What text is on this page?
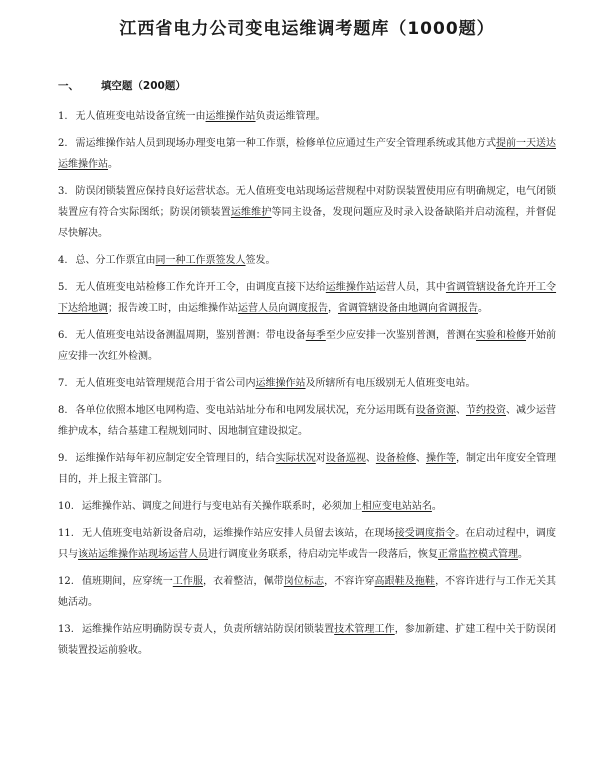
江西省电力公司变电运维调考题库（1000题）
一、 填空题（200题）

1. 无人值班变电站设备宜统一由运维操作站负责运维管理。

2. 需运维操作站人员到现场办理变电第一种工作票，检修单位应通过生产安全管理系统或其他方式提前一天送达运维操作站。

3. 防误闭锁装置应保持良好运营状态。无人值班变电站现场运营规程中对防误装置使用应有明确规定，电气闭锁装置应有符合实际图纸；防误闭锁装置运维维护等同主设备，发现问题应及时录入设备缺陷并启动流程，并督促尽快解决。

4. 总、分工作票宜由同一种工作票签发人签发。

5. 无人值班变电站检修工作允许开工令，由调度直接下达给运维操作站运营人员，其中省调管辖设备允许开工令下达给地调；报告竣工时，由运维操作站运营人员向调度报告，省调管辖设备由地调向省调报告。

6. 无人值班变电站设备测温周期，鉴别普测：带电设备每季至少应安排一次鉴别普测，普测在实验和检修开始前应安排一次红外检测。

7. 无人值班变电站管理规范合用于省公司内运维操作站及所辖所有电压级别无人值班变电站。

8. 各单位依照本地区电网构造、变电站站址分布和电网发展状况，充分运用既有设备资源、节约投资、减少运营维护成本，结合基建工程规划同时、因地制宜建设拟定。

9. 运维操作站每年初应制定安全管理目的，结合实际状况对设备巡视、设备检修、操作等，制定出年度安全管理目的，并上报主管部门。

10. 运维操作站、调度之间进行与变电站有关操作联系时，必须加上相应变电站站名。

11. 无人值班变电站新设备启动，运维操作站应安排人员留去该站，在现场接受调度指令。在启动过程中，调度只与该站运维操作站现场运营人员进行调度业务联系，待启动完毕或告一段落后，恢复正常监控模式管理。

12. 值班期间，应穿统一工作服，衣着整洁，佩带岗位标志，不容许穿高跟鞋及拖鞋，不容许进行与工作无关其她活动。

13. 运维操作站应明确防误专责人，负责所辖站防误闭锁装置技术管理工作，参加新建、扩建工程中关于防误闭锁装置投运前验收。
